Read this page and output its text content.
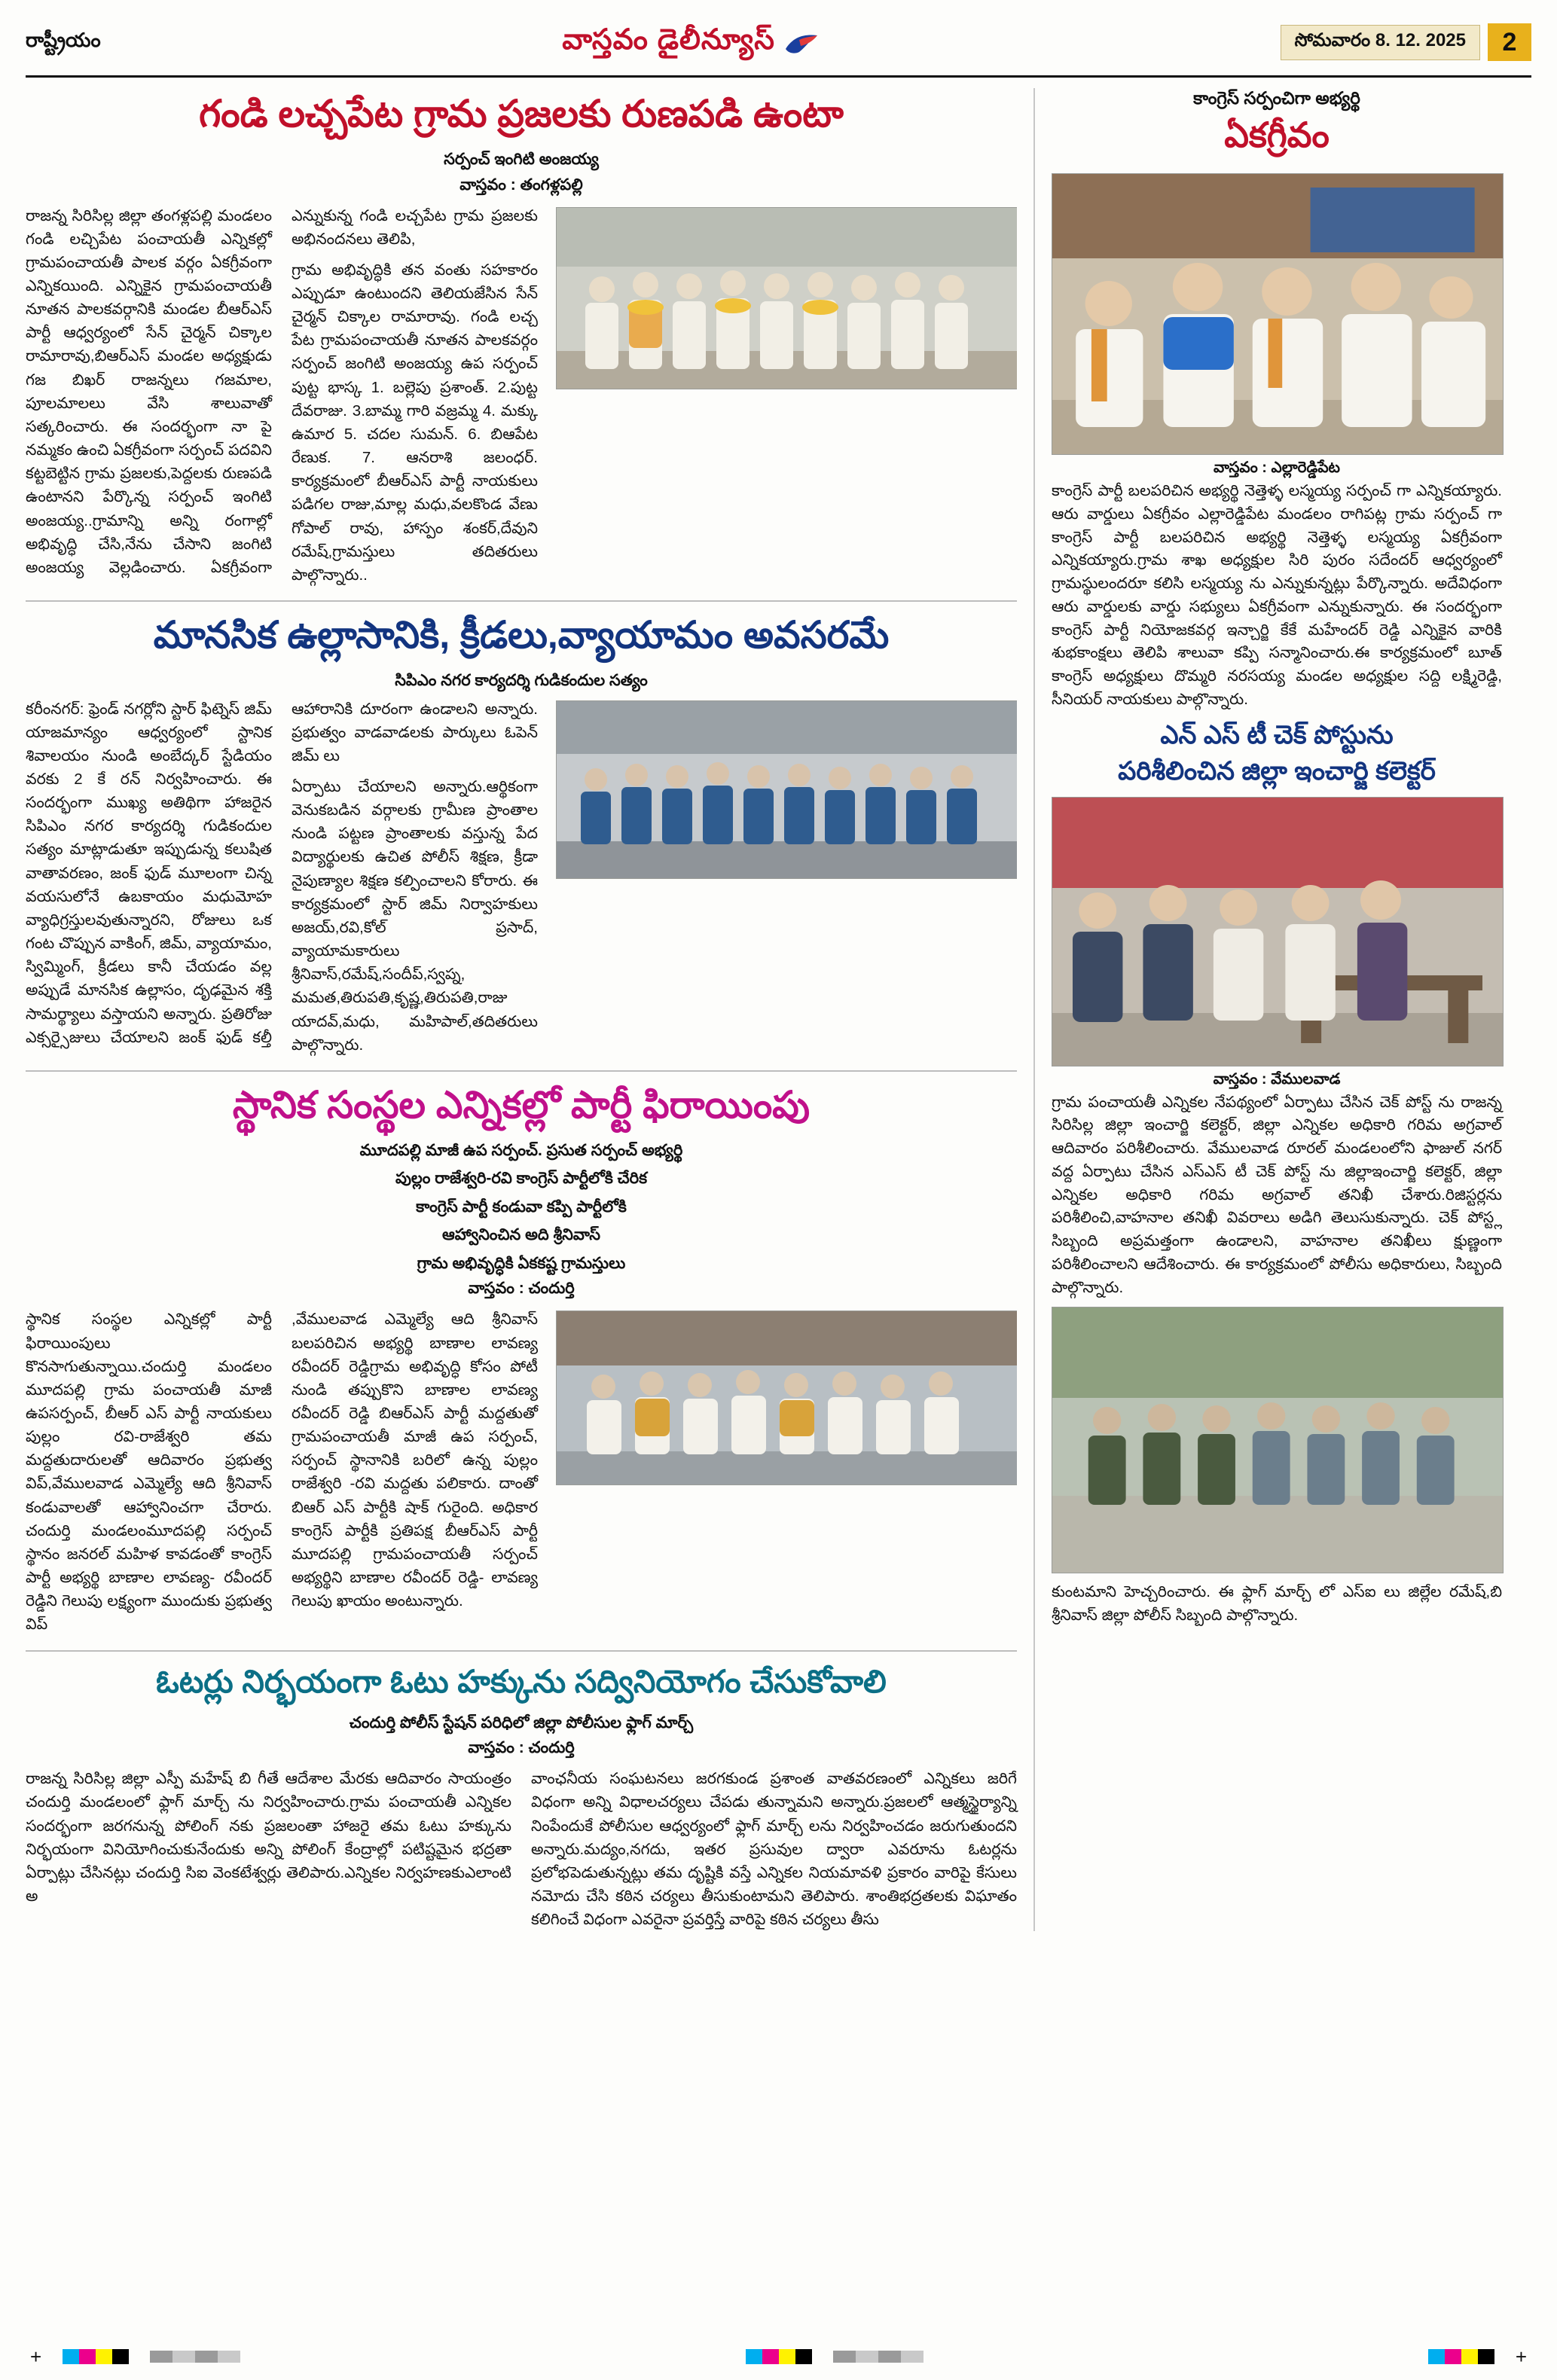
రాష్ట్రీయం	వాస్తవం డైలీన్యూస్	సోమవారం 8. 12. 2025	2
గండి లచ్చపేట గ్రామ ప్రజలకు రుణపడి ఉంటా
సర్పంచ్ ఇంగిటి అంజయ్య
వాస్తవం : తంగళ్లపల్లి

రాజన్న సిరిసిల్ల జిల్లా తంగళ్లపల్లి మండలం గండి లచ్చిపేట పంచాయతీ ఎన్నికల్లో గ్రామపంచాయతీ పాలక వర్గం ఏకగ్రీవంగా ఎన్నికయింది. ఎన్నికైన గ్రామపంచాయతీ నూతన పాలకవర్గానికి మండల బీఆర్ఎస్ పార్టీ ఆధ్వర్యంలో సేన్ చైర్మన్ చిక్కాల రామారావు,బిఆర్ఎస్ మండల అధ్యక్షుడు గజ బిఖర్ రాజన్నలు గజమాల, పూలమాలలు వేసి శాలువాతో సత్కరించారు. ఈ సందర్భంగా నా పై నమ్మకం ఉంచి ఏకగ్రీవంగా సర్పంచ్ పదవిని కట్టబెట్టిన గ్రామ ప్రజలకు,పెద్దలకు రుణపడి ఉంటానని పేర్కొన్న సర్పంచ్ ఇంగిటి అంజయ్య..గ్రామాన్ని అన్ని రంగాల్లో అభివృద్ధి చేసి,నేను చేసాని జంగిటి అంజయ్య వెల్లడించారు. ఏకగ్రీవంగా ఎన్నుకున్న గండి లచ్చపేట గ్రామ ప్రజలకు అభినందనలు తెలిపి,

గ్రామ అభివృద్ధికి తన వంతు సహకారం ఎప్పుడూ ఉంటుందని తెలియజేసిన సేన్ చైర్మన్ చిక్కాల రామారావు. గండి లచ్చ పేట గ్రామపంచాయతీ నూతన పాలకవర్గం సర్పంచ్ జంగిటి అంజయ్య ఉప సర్పంచ్ పుట్ట భాస్క 1. బల్లెపు ప్రశాంత్. 2.పుట్ట దేవరాజు. 3.బామ్మ గారి వజ్రమ్మ 4. మక్కు ఉమార 5. చదల సుమన్. 6. బిఆపేట రేణుక. 7. ఆనరాశి జలంధర్. కార్యక్రమంలో బీఆర్ఎస్ పార్టీ నాయకులు పడిగల రాజు,మాల్ల మధు,వలకొండ వేణు గోపాల్ రావు, హాస్పం శంకర్,దేవుని రమేష్,గ్రామస్తులు తదితరులు పాల్గొన్నారు..

మానసిక ఉల్లాసానికి, క్రీడలు,వ్యాయామం అవసరమే
సిపిఎం నగర కార్యదర్శి గుడికందుల సత్యం

కరీంనగర్: ఫ్రెండ్ నగర్లోని స్టార్ ఫిట్నెస్ జిమ్ యాజమాన్యం ఆధ్వర్యంలో స్టానిక శివాలయం నుండి అంబేద్కర్ స్టేడియం వరకు 2 కే రన్ నిర్వహించారు. ఈ సందర్భంగా ముఖ్య అతిథిగా హాజరైన సిపిఎం నగర కార్యదర్శి గుడికందుల సత్యం మాట్లాడుతూ ఇప్పుడున్న కలుషిత వాతావరణం, జంక్ ఫుడ్ మూలంగా చిన్న వయసులోనే ఉబకాయం మధుమోహ వ్యాధిగ్రస్తులవుతున్నారని, రోజులు ఒక గంట చొప్పున వాకింగ్, జిమ్, వ్యాయామం, స్విమ్మింగ్, క్రీడలు కానీ చేయడం వల్ల అప్పుడే మానసిక ఉల్లాసం, దృఢమైన శక్తి సామర్థ్యాలు వస్తాయని అన్నారు. ప్రతిరోజు ఎక్సర్సైజులు చేయాలని జంక్ ఫుడ్ కల్తీ ఆహారానికి దూరంగా ఉండాలని అన్నారు. ప్రభుత్వం వాడవాడలకు పార్కులు ఓపెన్ జిమ్ లు

ఏర్పాటు చేయాలని అన్నారు.ఆర్థికంగా వెనుకబడిన వర్గాలకు గ్రామీణ ప్రాంతాల నుండి పట్టణ ప్రాంతాలకు వస్తున్న పేద విద్యార్థులకు ఉచిత పోలీస్ శిక్షణ, క్రీడా నైపుణ్యాల శిక్షణ కల్పించాలని కోరారు. ఈ కార్యక్రమంలో స్టార్ జిమ్ నిర్వాహకులు అజయ్,రవి,కోల్ ప్రసాద్, వ్యాయామకారులు శ్రీనివాస్,రమేష్,సందీప్,స్వప్న, మమత,తిరుపతి,కృష్ణ,తిరుపతి,రాజు యాదవ్,మధు, మహిపాల్,తదితరులు పాల్గొన్నారు.

స్థానిక సంస్థల ఎన్నికల్లో పార్టీ ఫిరాయింపు
మూదపల్లి మాజీ ఉప సర్పంచ్. ప్రసుత సర్పంచ్ అభ్యర్థి
పుల్లం రాజేశ్వరి-రవి కాంగ్రెస్ పార్టీలోకి చేరిక
కాంగ్రెస్ పార్టీ కండువా కప్పి పార్టీలోకి
ఆహ్వానించిన అది శ్రీనివాస్
గ్రామ అభివృద్ధికి ఏకకష్ట గ్రామస్తులు
వాస్తవం : చందుర్తి

స్థానిక సంస్థల ఎన్నికల్లో పార్టీ ఫిరాయింపులు కొనసాగుతున్నాయి.చందుర్తి మండలం మూదపల్లి గ్రామ పంచాయతీ మాజీ ఉపసర్పంచ్, బీఆర్ ఎస్ పార్టీ నాయకులు పుల్లం రవి-రాజేశ్వరి తమ మద్దతుదారులతో ఆదివారం ప్రభుత్వ విప్,వేములవాడ ఎమ్మెల్యే ఆది శ్రీనివాస్ కండువాలతో ఆహ్వానించగా చేరారు. చందుర్తి మండలంమూదపల్లి సర్పంచ్ స్థానం జనరల్ మహిళ కావడంతో కాంగ్రెస్ పార్టీ అభ్యర్థి బాణాల లావణ్య- రవీందర్ రెడ్డిని గెలుపు లక్ష్యంగా ముందుకు ప్రభుత్వ విప్

,వేములవాడ ఎమ్మెల్యే ఆది శ్రీనివాస్ బలపరిచిన అభ్యర్థి బాణాల లావణ్య రవీందర్ రెడ్డిగ్రామ అభివృద్ధి కోసం పోటీ నుండి తప్పుకొని బాణాల లావణ్య రవీందర్ రెడ్డి బిఆర్ఎస్ పార్టీ మద్దతుతో గ్రామపంచాయతీ మాజీ ఉప సర్పంచ్, సర్పంచ్ స్థానానికి బరిలో ఉన్న పుల్లం రాజేశ్వరి -రవి మద్దతు పలికారు. దాంతో బిఆర్ ఎస్ పార్టీకి షాక్ గురైంది. అధికార కాంగ్రెస్ పార్టీకి ప్రతిపక్ష బీఆర్ఎస్ పార్టీ మూదపల్లి గ్రామపంచాయతీ సర్పంచ్ అభ్యర్థిని బాణాల రవీందర్ రెడ్డి- లావణ్య గెలుపు ఖాయం అంటున్నారు.

ఓటర్లు నిర్భయంగా ఓటు హక్కును సద్వినియోగం చేసుకోవాలి
చందుర్తి పోలీస్ స్టేషన్ పరిధిలో జిల్లా పోలీసుల ఫ్లాగ్ మార్చ్
వాస్తవం : చందుర్తి

రాజన్న సిరిసిల్ల జిల్లా ఎస్పీ మహేష్ బి గీతే ఆదేశాల మేరకు ఆదివారం సాయంత్రం చందుర్తి మండలంలో ఫ్లాగ్ మార్చ్ ను నిర్వహించారు.గ్రామ పంచాయతీ ఎన్నికల సందర్భంగా జరగనున్న పోలింగ్ నకు ప్రజలంతా హాజరై తమ ఓటు హక్కును నిర్భయంగా వినియోగించుకునేందుకు అన్ని పోలింగ్ కేంద్రాల్లో పటిష్టమైన భద్రతా ఏర్పాట్లు చేసినట్లు చందుర్తి సిఐ వెంకటేశ్వర్లు తెలిపారు.ఎన్నికల నిర్వహణకుఎలాంటి అ

వాంఛనీయ సంఘటనలు జరగకుండ ప్రశాంత వాతవరణంలో ఎన్నికలు జరిగే విధంగా అన్ని విధాలచర్యలు చేపడు తున్నామని అన్నారు.ప్రజలలో ఆత్మస్థైర్యాన్ని నింపేందుకే పోలీసుల ఆధ్వర్యంలో ఫ్లాగ్ మార్చ్ లను నిర్వహించడం జరుగుతుందని అన్నారు.మద్యం,నగదు, ఇతర ప్రసువుల ద్వారా ఎవరూను ఓటర్లను ప్రలోభపెడుతున్నట్లు తమ దృష్టికి వస్తే ఎన్నికల నియమావళి ప్రకారం వారిపై కేసులు నమోదు చేసి కఠిన చర్యలు తీసుకుంటామని తెలిపారు. శాంతిభద్రతలకు విఘాతం కలిగించే విధంగా ఎవరైనా ప్రవర్తిస్తే వారిపై కఠిన చర్యలు తీసు

కాంగ్రెస్ సర్పంచిగా అభ్యర్థి
ఏకగ్రీవం
వాస్తవం : ఎల్లారెడ్డిపేట

కాంగ్రెస్ పార్టీ బలపరిచిన అభ్యర్థి నెత్తెళ్ళ లస్మయ్య సర్పంచ్ గా ఎన్నికయ్యారు. ఆరు వార్డులు ఏకగ్రీవం ఎల్లారెడ్డిపేట మండలం రాగిపట్ల గ్రామ సర్పంచ్ గా కాంగ్రెస్ పార్టీ బలపరిచిన అభ్యర్థి నెత్తెళ్ళ లస్మయ్య ఏకగ్రీవంగా ఎన్నికయ్యారు.గ్రామ శాఖ అధ్యక్షుల సిరి పురం సదేందర్ ఆధ్వర్యంలో గ్రామస్థులందరూ కలిసి లస్మయ్య ను ఎన్నుకున్నట్లు పేర్కొన్నారు. అదేవిధంగా ఆరు వార్డులకు వార్డు సభ్యులు ఏకగ్రీవంగా ఎన్నుకున్నారు. ఈ సందర్భంగా కాంగ్రెస్ పార్టీ నియోజకవర్గ ఇన్చార్జి కేకే మహేందర్ రెడ్డి ఎన్నికైన వారికి శుభకాంక్షలు తెలిపి శాలువా కప్పి సన్మానించారు.ఈ కార్యక్రమంలో బూత్ కాంగ్రెస్ అధ్యక్షులు దొమ్మరి నరసయ్య మండల అధ్యక్షుల సద్ది లక్ష్మిరెడ్డి, సీనియర్ నాయకులు పాల్గొన్నారు.

ఎన్ ఎస్ టీ చెక్ పోస్టును
పరిశీలించిన జిల్లా ఇంచార్జి కలెక్టర్
వాస్తవం : వేములవాడ

గ్రామ పంచాయతీ ఎన్నికల నేపథ్యంలో ఏర్పాటు చేసిన చెక్ పోస్ట్ ను రాజన్న సిరిసిల్ల జిల్లా ఇంచార్జి కలెక్టర్, జిల్లా ఎన్నికల అధికారి గరిమ అగ్రవాల్ ఆదివారం పరిశీలించారు. వేములవాడ రూరల్ మండలంలోని ఫాజుల్ నగర్ వద్ద ఏర్పాటు చేసిన ఎస్ఎస్ టీ చెక్ పోస్ట్ ను జిల్లాఇంచార్జి కలెక్టర్, జిల్లా ఎన్నికల అధికారి గరిమ అగ్రవాల్ తనిఖీ చేశారు.రిజిస్టర్లను పరిశీలించి,వాహనాల తనిఖీ వివరాలు అడిగి తెలుసుకున్నారు. చెక్ పోస్ట్ల సిబ్బంది అప్రమత్తంగా ఉండాలని, వాహనాల తనిఖీలు క్షుణ్ణంగా పరిశీలించాలని ఆదేశించారు. ఈ కార్యక్రమంలో పోలీసు అధికారులు, సిబ్బంది పాల్గొన్నారు.

కుంటమాని హెచ్చరించారు. ఈ ఫ్లాగ్ మార్చ్ లో ఎస్ఐ లు జిల్లేల రమేష్,బి శ్రీనివాస్ జిల్లా పోలీస్ సిబ్బంది పాల్గొన్నారు.

+	+
